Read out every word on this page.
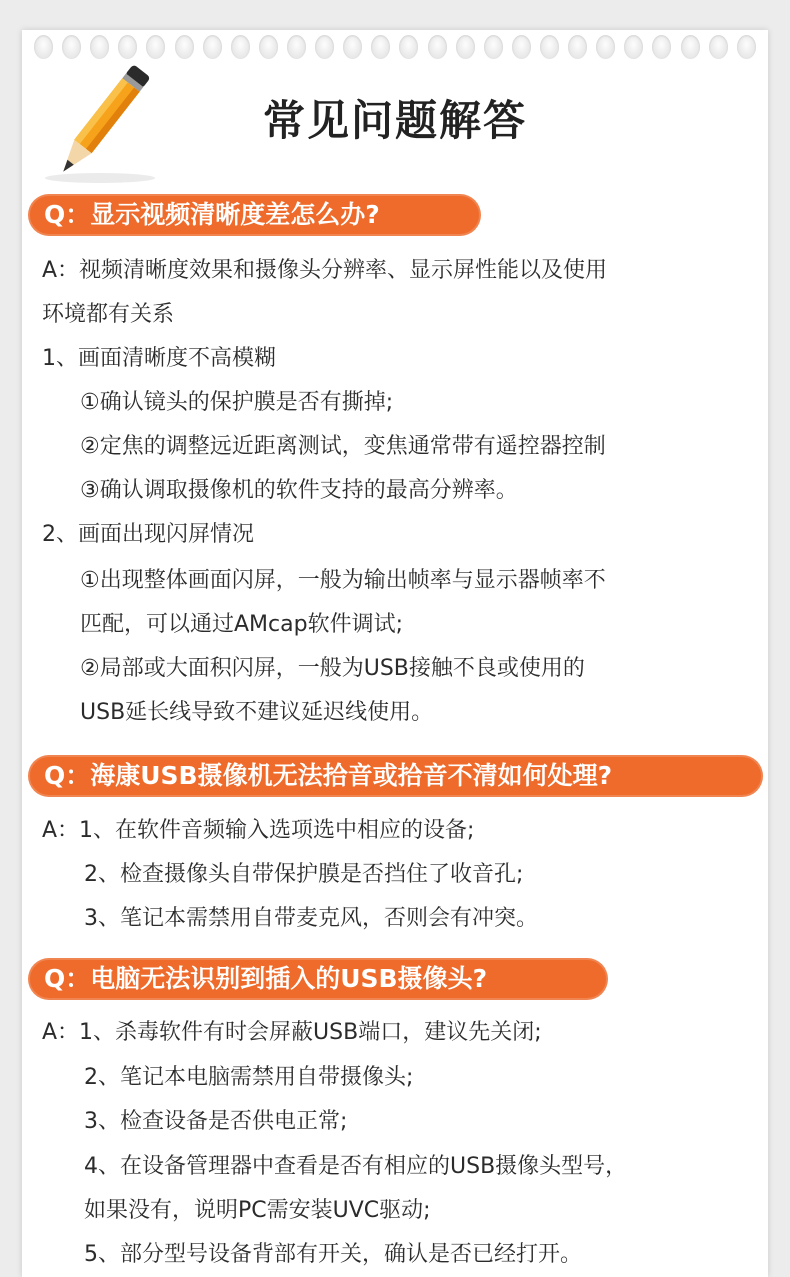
常见问题解答
Q：显示视频清晰度差怎么办?
A：视频清晰度效果和摄像头分辨率、显示屏性能以及使用
环境都有关系
1、画面清晰度不高模糊
①确认镜头的保护膜是否有撕掉;
②定焦的调整远近距离测试，变焦通常带有遥控器控制
③确认调取摄像机的软件支持的最高分辨率。
2、画面出现闪屏情况
①出现整体画面闪屏，一般为输出帧率与显示器帧率不
匹配，可以通过AMcap软件调试;
②局部或大面积闪屏，一般为USB接触不良或使用的
USB延长线导致不建议延迟线使用。
Q：海康USB摄像机无法拾音或拾音不清如何处理?
A：1、在软件音频输入选项选中相应的设备;
2、检查摄像头自带保护膜是否挡住了收音孔;
3、笔记本需禁用自带麦克风，否则会有冲突。
Q：电脑无法识别到插入的USB摄像头?
A：1、杀毒软件有时会屏蔽USB端口，建议先关闭;
2、笔记本电脑需禁用自带摄像头;
3、检查设备是否供电正常;
4、在设备管理器中查看是否有相应的USB摄像头型号，
如果没有，说明PC需安装UVC驱动;
5、部分型号设备背部有开关，确认是否已经打开。
